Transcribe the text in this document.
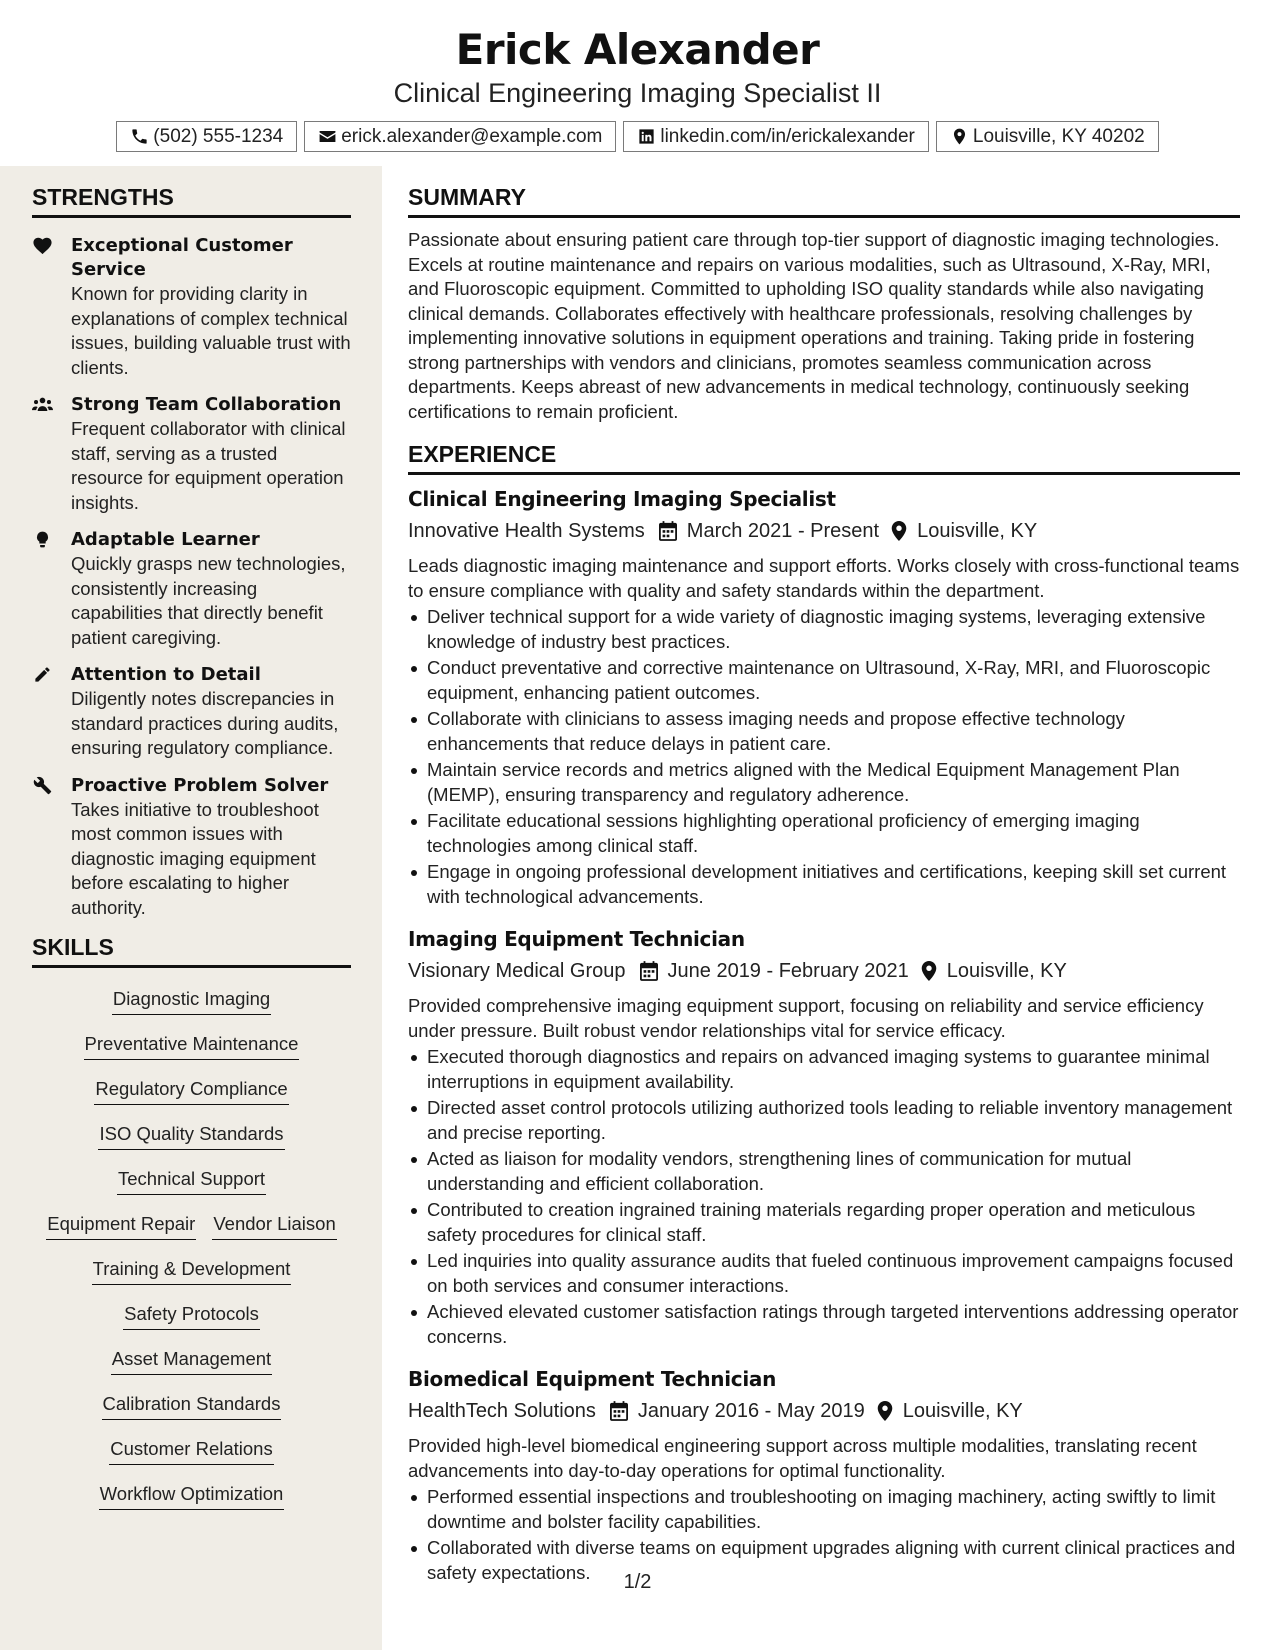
Erick Alexander
Clinical Engineering Imaging Specialist II
(502) 555-1234	erick.alexander@example.com	linkedin.com/in/erickalexander	Louisville, KY 40202
STRENGTHS
Exceptional Customer Service
Known for providing clarity in explanations of complex technical issues, building valuable trust with clients.
Strong Team Collaboration
Frequent collaborator with clinical staff, serving as a trusted resource for equipment operation insights.
Adaptable Learner
Quickly grasps new technologies, consistently increasing capabilities that directly benefit patient caregiving.
Attention to Detail
Diligently notes discrepancies in standard practices during audits, ensuring regulatory compliance.
Proactive Problem Solver
Takes initiative to troubleshoot most common issues with diagnostic imaging equipment before escalating to higher authority.
SKILLS
Diagnostic Imaging
Preventative Maintenance
Regulatory Compliance
ISO Quality Standards
Technical Support
Equipment Repair Vendor Liaison
Training & Development
Safety Protocols
Asset Management
Calibration Standards
Customer Relations
Workflow Optimization
SUMMARY
Passionate about ensuring patient care through top-tier support of diagnostic imaging technologies. Excels at routine maintenance and repairs on various modalities, such as Ultrasound, X-Ray, MRI, and Fluoroscopic equipment. Committed to upholding ISO quality standards while also navigating clinical demands. Collaborates effectively with healthcare professionals, resolving challenges by implementing innovative solutions in equipment operations and training. Taking pride in fostering strong partnerships with vendors and clinicians, promotes seamless communication across departments. Keeps abreast of new advancements in medical technology, continuously seeking certifications to remain proficient.
EXPERIENCE
Clinical Engineering Imaging Specialist
Innovative Health Systems March 2021 - Present Louisville, KY
Leads diagnostic imaging maintenance and support efforts. Works closely with cross-functional teams to ensure compliance with quality and safety standards within the department.
Deliver technical support for a wide variety of diagnostic imaging systems, leveraging extensive knowledge of industry best practices.
Conduct preventative and corrective maintenance on Ultrasound, X-Ray, MRI, and Fluoroscopic equipment, enhancing patient outcomes.
Collaborate with clinicians to assess imaging needs and propose effective technology enhancements that reduce delays in patient care.
Maintain service records and metrics aligned with the Medical Equipment Management Plan (MEMP), ensuring transparency and regulatory adherence.
Facilitate educational sessions highlighting operational proficiency of emerging imaging technologies among clinical staff.
Engage in ongoing professional development initiatives and certifications, keeping skill set current with technological advancements.
Imaging Equipment Technician
Visionary Medical Group June 2019 - February 2021 Louisville, KY
Provided comprehensive imaging equipment support, focusing on reliability and service efficiency under pressure. Built robust vendor relationships vital for service efficacy.
Executed thorough diagnostics and repairs on advanced imaging systems to guarantee minimal interruptions in equipment availability.
Directed asset control protocols utilizing authorized tools leading to reliable inventory management and precise reporting.
Acted as liaison for modality vendors, strengthening lines of communication for mutual understanding and efficient collaboration.
Contributed to creation ingrained training materials regarding proper operation and meticulous safety procedures for clinical staff.
Led inquiries into quality assurance audits that fueled continuous improvement campaigns focused on both services and consumer interactions.
Achieved elevated customer satisfaction ratings through targeted interventions addressing operator concerns.
Biomedical Equipment Technician
HealthTech Solutions January 2016 - May 2019 Louisville, KY
Provided high-level biomedical engineering support across multiple modalities, translating recent advancements into day-to-day operations for optimal functionality.
Performed essential inspections and troubleshooting on imaging machinery, acting swiftly to limit downtime and bolster facility capabilities.
Collaborated with diverse teams on equipment upgrades aligning with current clinical practices and safety expectations.	1/2
